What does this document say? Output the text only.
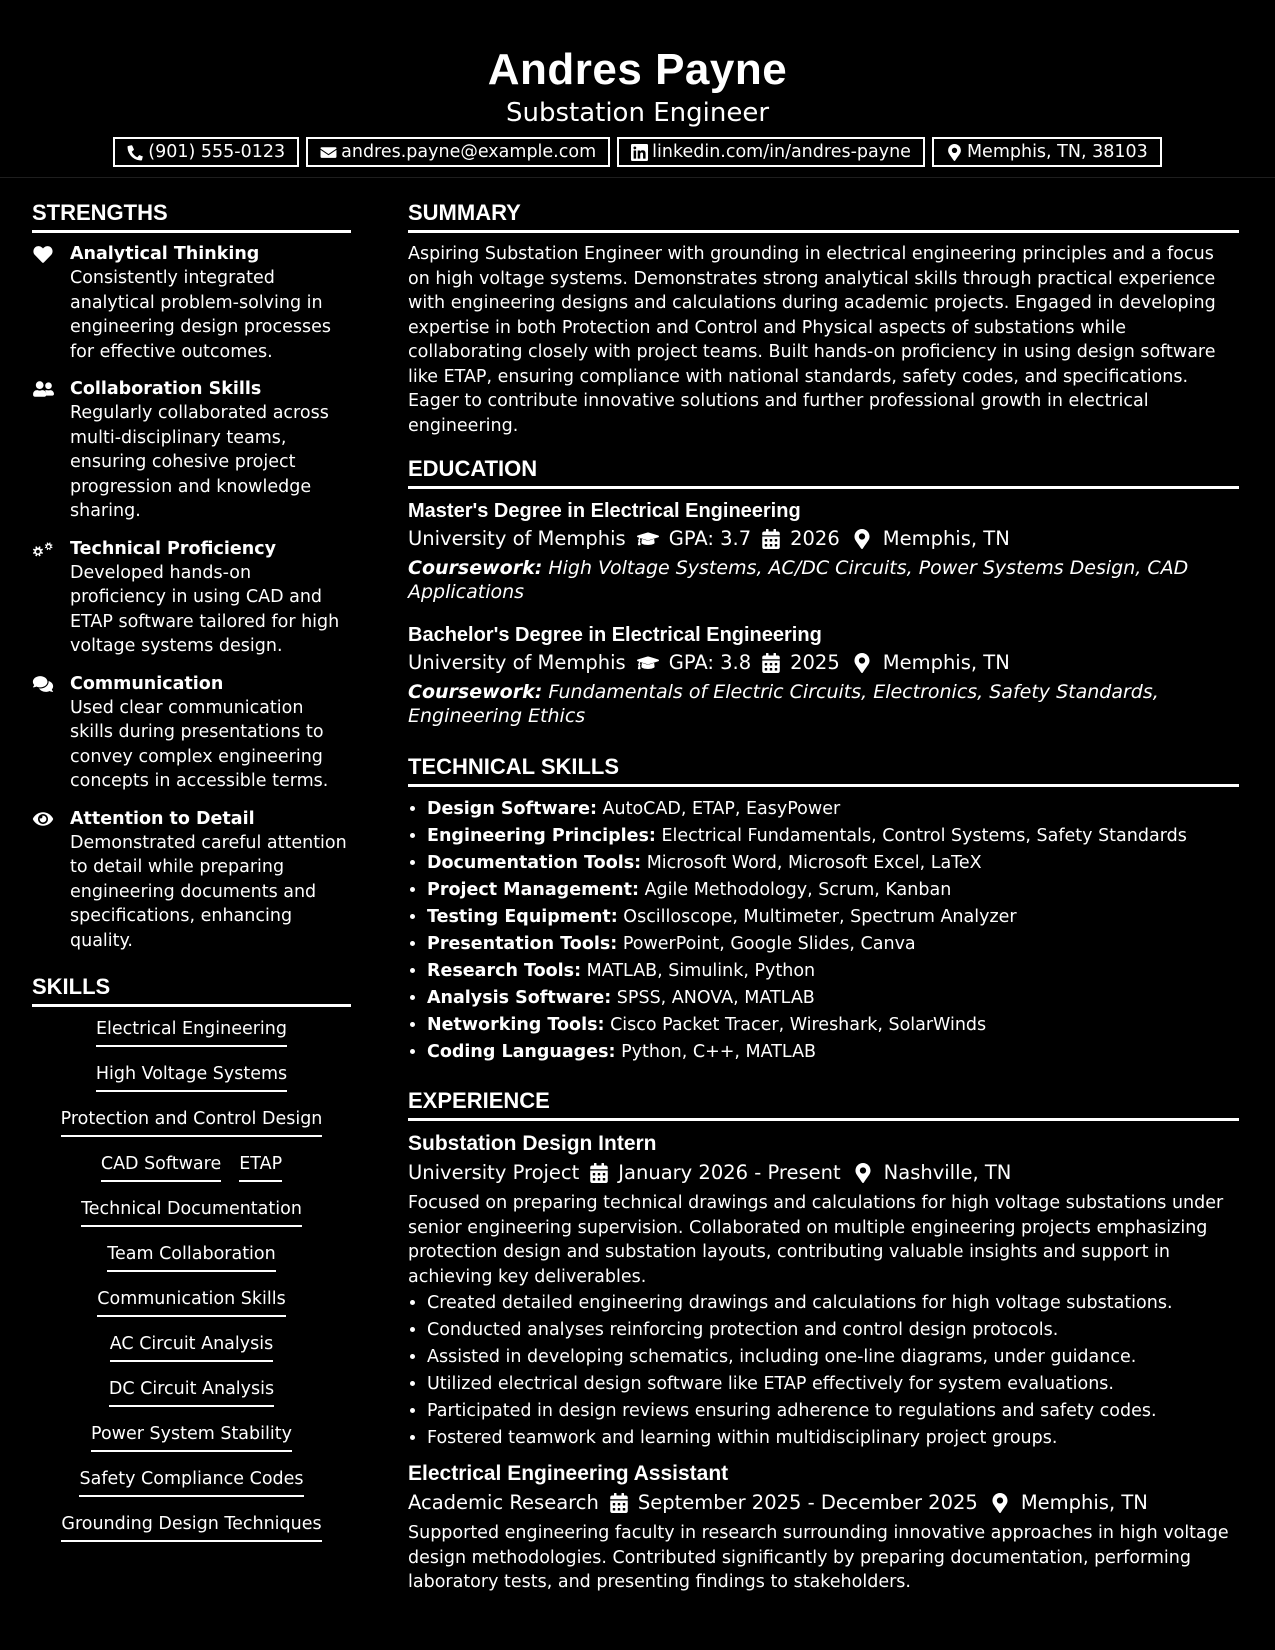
Andres Payne
Substation Engineer
(901) 555-0123	andres.payne@example.com	linkedin.com/in/andres-payne	Memphis, TN, 38103
STRENGTHS
Analytical Thinking
Consistently integrated analytical problem-solving in engineering design processes for effective outcomes.
Collaboration Skills
Regularly collaborated across multi-disciplinary teams, ensuring cohesive project progression and knowledge sharing.
Technical Proficiency
Developed hands-on proficiency in using CAD and ETAP software tailored for high voltage systems design.
Communication
Used clear communication skills during presentations to convey complex engineering concepts in accessible terms.
Attention to Detail
Demonstrated careful attention to detail while preparing engineering documents and specifications, enhancing quality.
SKILLS
Electrical Engineering
High Voltage Systems
Protection and Control Design
CAD Software ETAP
Technical Documentation
Team Collaboration
Communication Skills
AC Circuit Analysis
DC Circuit Analysis
Power System Stability
Safety Compliance Codes
Grounding Design Techniques
SUMMARY
Aspiring Substation Engineer with grounding in electrical engineering principles and a focus on high voltage systems. Demonstrates strong analytical skills through practical experience with engineering designs and calculations during academic projects. Engaged in developing expertise in both Protection and Control and Physical aspects of substations while collaborating closely with project teams. Built hands-on proficiency in using design software like ETAP, ensuring compliance with national standards, safety codes, and specifications. Eager to contribute innovative solutions and further professional growth in electrical engineering.
EDUCATION
Master's Degree in Electrical Engineering
University of Memphis GPA: 3.7 2026 Memphis, TN
Coursework: High Voltage Systems, AC/DC Circuits, Power Systems Design, CAD Applications
Bachelor's Degree in Electrical Engineering
University of Memphis GPA: 3.8 2025 Memphis, TN
Coursework: Fundamentals of Electric Circuits, Electronics, Safety Standards, Engineering Ethics
TECHNICAL SKILLS
• Design Software: AutoCAD, ETAP, EasyPower
• Engineering Principles: Electrical Fundamentals, Control Systems, Safety Standards
• Documentation Tools: Microsoft Word, Microsoft Excel, LaTeX
• Project Management: Agile Methodology, Scrum, Kanban
• Testing Equipment: Oscilloscope, Multimeter, Spectrum Analyzer
• Presentation Tools: PowerPoint, Google Slides, Canva
• Research Tools: MATLAB, Simulink, Python
• Analysis Software: SPSS, ANOVA, MATLAB
• Networking Tools: Cisco Packet Tracer, Wireshark, SolarWinds
• Coding Languages: Python, C++, MATLAB
EXPERIENCE
Substation Design Intern
University Project January 2026 - Present Nashville, TN
Focused on preparing technical drawings and calculations for high voltage substations under senior engineering supervision. Collaborated on multiple engineering projects emphasizing protection design and substation layouts, contributing valuable insights and support in achieving key deliverables.
• Created detailed engineering drawings and calculations for high voltage substations.
• Conducted analyses reinforcing protection and control design protocols.
• Assisted in developing schematics, including one-line diagrams, under guidance.
• Utilized electrical design software like ETAP effectively for system evaluations.
• Participated in design reviews ensuring adherence to regulations and safety codes.
• Fostered teamwork and learning within multidisciplinary project groups.
Electrical Engineering Assistant
Academic Research September 2025 - December 2025 Memphis, TN
Supported engineering faculty in research surrounding innovative approaches in high voltage design methodologies. Contributed significantly by preparing documentation, performing laboratory tests, and presenting findings to stakeholders.
